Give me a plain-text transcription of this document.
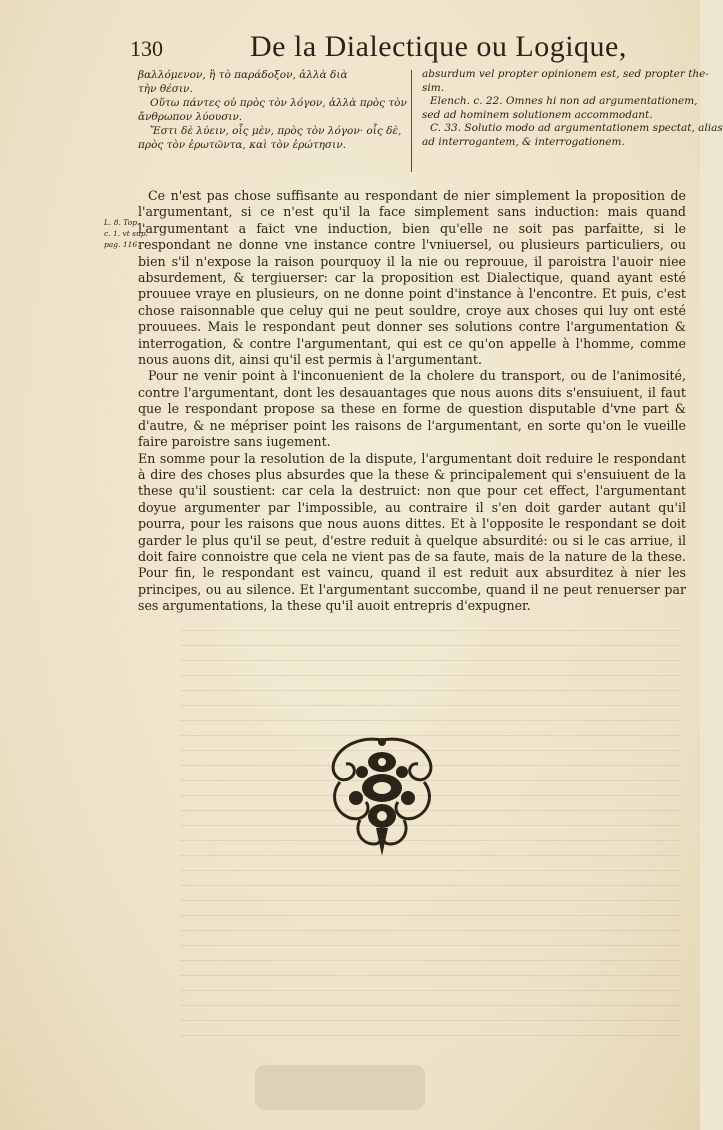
130	De la Dialectique ou Logique,
βαλλόμενον, ἢ τὸ παράδοξον, ἀλλὰ διὰ
τὴν θέσιν.
Οὕτω πάντες οὐ πρὸς τὸν λόγον, ἀλλὰ πρὸς τὸν
ἄνθρωπον λύουσιν.
Ἔστι δὲ λύειν, οἷς μὲν, πρὸς τὸν λόγον· οἷς δὲ,
πρὸς τὸν ἐρωτῶντα, καὶ τὸν ἐρώτησιν.
absurdum vel propter opinionem est, sed propter the-
sim.
Elench. c. 22. Omnes hi non ad argumentationem,
sed ad hominem solutionem accommodant.
C. 33. Solutio modo ad argumentationem spectat, alias
ad interrogantem, & interrogationem.
L. 8. Top.
c. 1. vt sup.
pag. 116.

Ce n'est pas chose suffisante au respondant de nier simplement la proposition de l'argumentant, si ce n'est qu'il la face simplement sans induction: mais quand l'argumentant a faict vne induction, bien qu'elle ne soit pas parfaitte, si le respondant ne donne vne instance contre l'vniuersel, ou plusieurs particuliers, ou bien s'il n'expose la raison pourquoy il la nie ou reprouue, il paroistra l'auoir niee absurdement, & tergiuerser: car la proposition est Dialectique, quand ayant esté prouuee vraye en plusieurs, on ne donne point d'instance à l'encontre. Et puis, c'est chose raisonnable que celuy qui ne peut souldre, croye aux choses qui luy ont esté prouuees. Mais le respondant peut donner ses solutions contre l'argumentation & interrogation, & contre l'argumentant, qui est ce qu'on appelle à l'homme, comme nous auons dit, ainsi qu'il est permis à l'argumentant.

Pour ne venir point à l'inconuenient de la cholere du transport, ou de l'animosité, contre l'argumentant, dont les desauantages que nous auons dits s'ensuiuent, il faut que le respondant propose sa these en forme de question disputable d'vne part & d'autre, & ne mépriser point les raisons de l'argumentant, en sorte qu'on le vueille faire paroistre sans iugement.

En somme pour la resolution de la dispute, l'argumentant doit reduire le respondant à dire des choses plus absurdes que la these & principalement qui s'ensuiuent de la these qu'il soustient: car cela la destruict: non que pour cet effect, l'argumentant doyue argumenter par l'impossible, au contraire il s'en doit garder autant qu'il pourra, pour les raisons que nous auons dittes. Et à l'opposite le respondant se doit garder le plus qu'il se peut, d'estre reduit à quelque absurdité: ou si le cas arriue, il doit faire connoistre que cela ne vient pas de sa faute, mais de la nature de la these. Pour fin, le respondant est vaincu, quand il est reduit aux absurditez à nier les principes, ou au silence. Et l'argumentant succombe, quand il ne peut renuerser par ses argumentations, la these qu'il auoit entrepris d'expugner.
